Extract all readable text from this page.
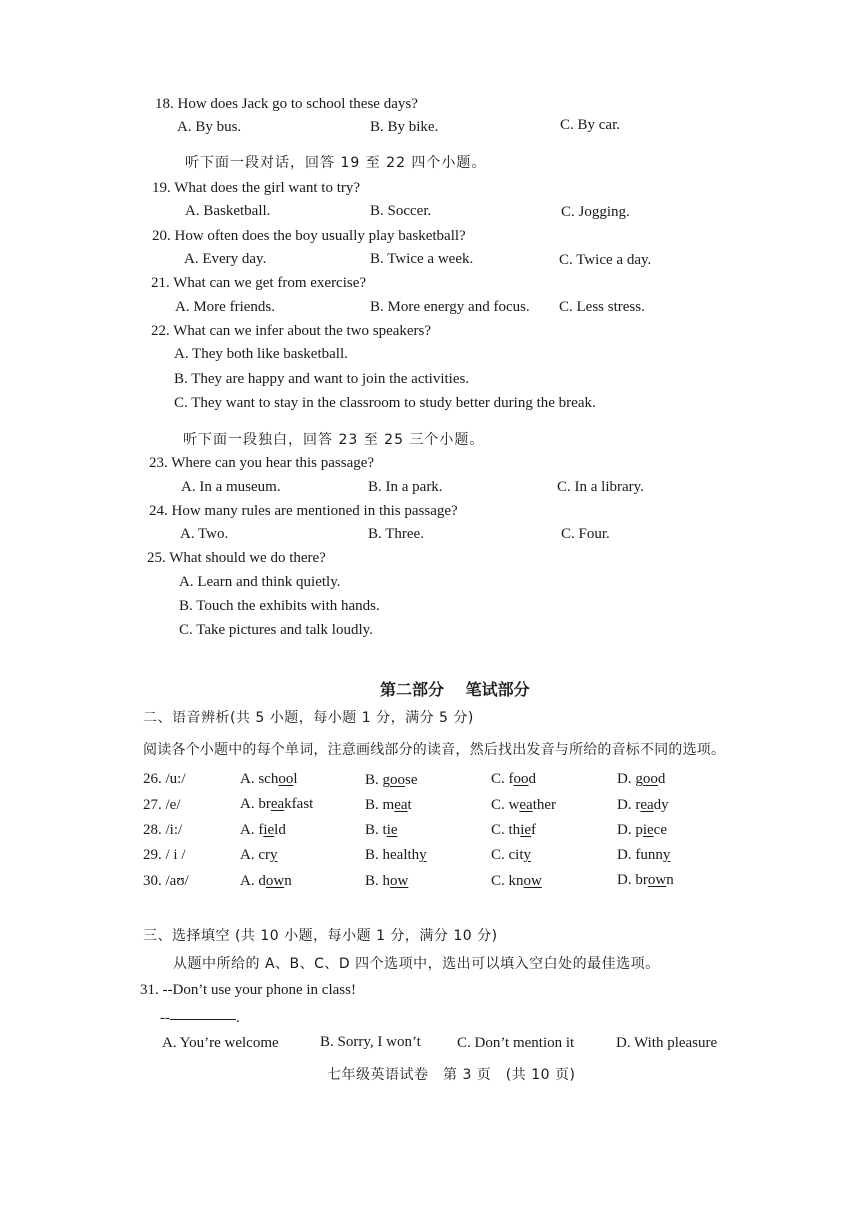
18. How does Jack go to school these days?
A. By bus.	B. By bike.	C. By car.
听下面一段对话，回答 19 至 22 四个小题。
19. What does the girl want to try?
A. Basketball.	B. Soccer.	C. Jogging.
20. How often does the boy usually play basketball?
A. Every day.	B. Twice a week.	C. Twice a day.
21. What can we get from exercise?
A. More friends.	B. More energy and focus. C. Less stress.
22. What can we infer about the two speakers?
A. They both like basketball.
B. They are happy and want to join the activities.
C. They want to stay in the classroom to study better during the break.
听下面一段独白，回答 23 至 25 三个小题。
23. Where can you hear this passage?
A. In a museum.	B. In a park.	C. In a library.
24. How many rules are mentioned in this passage?
A. Two.	B. Three.	C. Four.
25. What should we do there?
A. Learn and think quietly.
B. Touch the exhibits with hands.
C. Take pictures and talk loudly.
第二部分　 笔试部分
二、语音辨析(共 5 小题，每小题 1 分，满分 5 分)
阅读各个小题中的每个单词，注意画线部分的读音，然后找出发音与所给的音标不同的选项。
26. /u:/	A. school	B. goose	C. food	D. good
27. /e/	A. breakfast	B. meat	C. weather	D. ready
28. /i:/	A. field	B. tie	C. thief	D. piece
29. / i /	A. cry	B. healthy	C. city	D. funny
30. /aʊ/	A. down	B. how	C. know	D. brown
三、选择填空 (共 10 小题，每小题 1 分，满分 10 分)
从题中所给的 A、B、C、D 四个选项中，选出可以填入空白处的最佳选项。
31. --Don’t use your phone in class!
--	.
A. You’re welcome	B. Sorry, I won’t C. Don’t mention it	D. With pleasure
七年级英语试卷　第 3 页　(共 10 页)
